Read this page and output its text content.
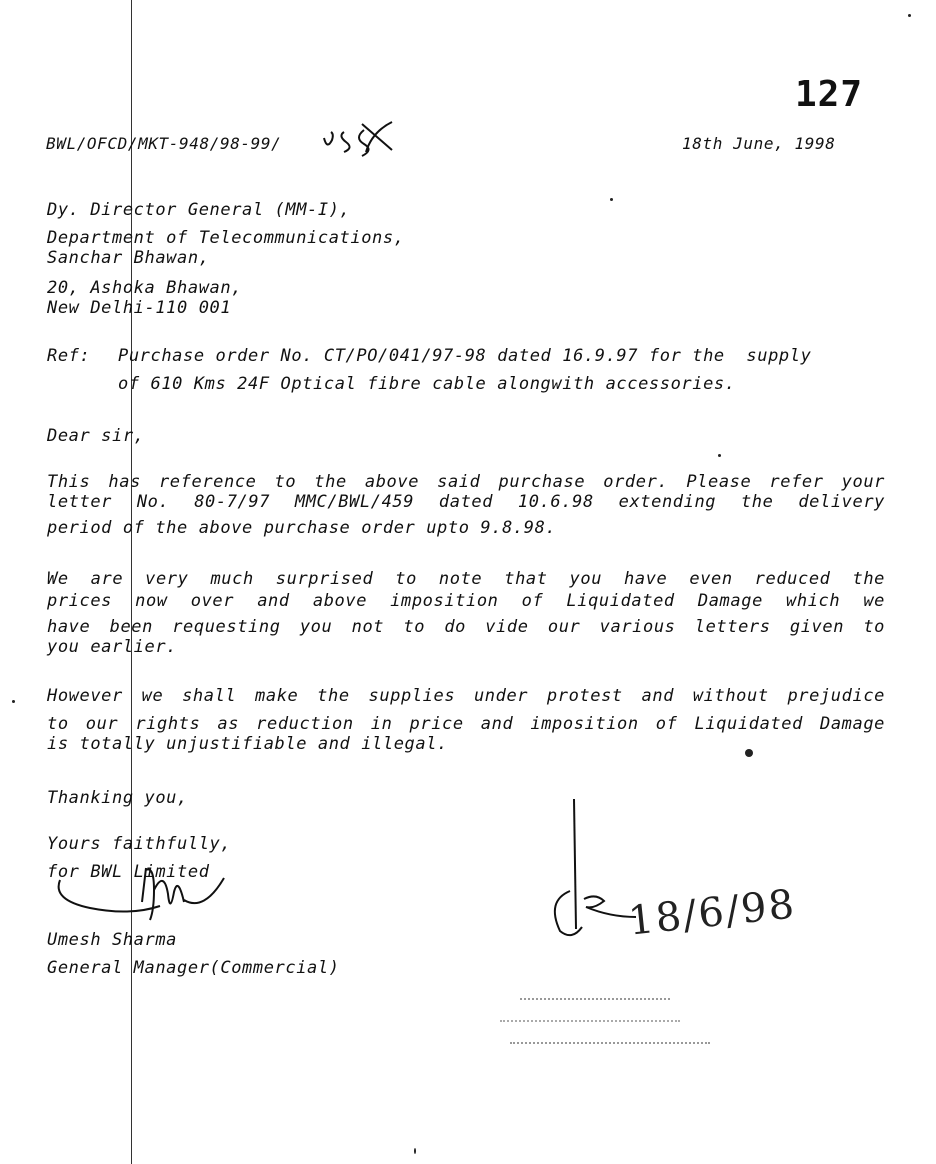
127
BWL/OFCD/MKT-948/98-99/	18th June, 1998
Dy. Director General (MM-I),
Department of Telecommunications,
Sanchar Bhawan,
20, Ashoka Bhawan,
New Delhi-110 001
Ref: Purchase order No. CT/PO/041/97-98 dated 16.9.97 for the  supply
of 610 Kms 24F Optical fibre cable alongwith accessories.
Dear sir,
This has reference to the above said purchase order. Please refer your
letter No. 80-7/97 MMC/BWL/459 dated 10.6.98 extending the delivery
period of the above purchase order upto 9.8.98.
We are very much surprised to note that you have even reduced the
prices now over and above imposition of Liquidated Damage which we
have been requesting you not to do vide our various letters given to
you earlier.
However we shall make the supplies under protest and without prejudice
to our rights as reduction in price and imposition of Liquidated Damage
is totally unjustifiable and illegal.
Thanking you,
Yours faithfully,
for BWL Limited
Umesh Sharma
General Manager(Commercial)
18/6/98
